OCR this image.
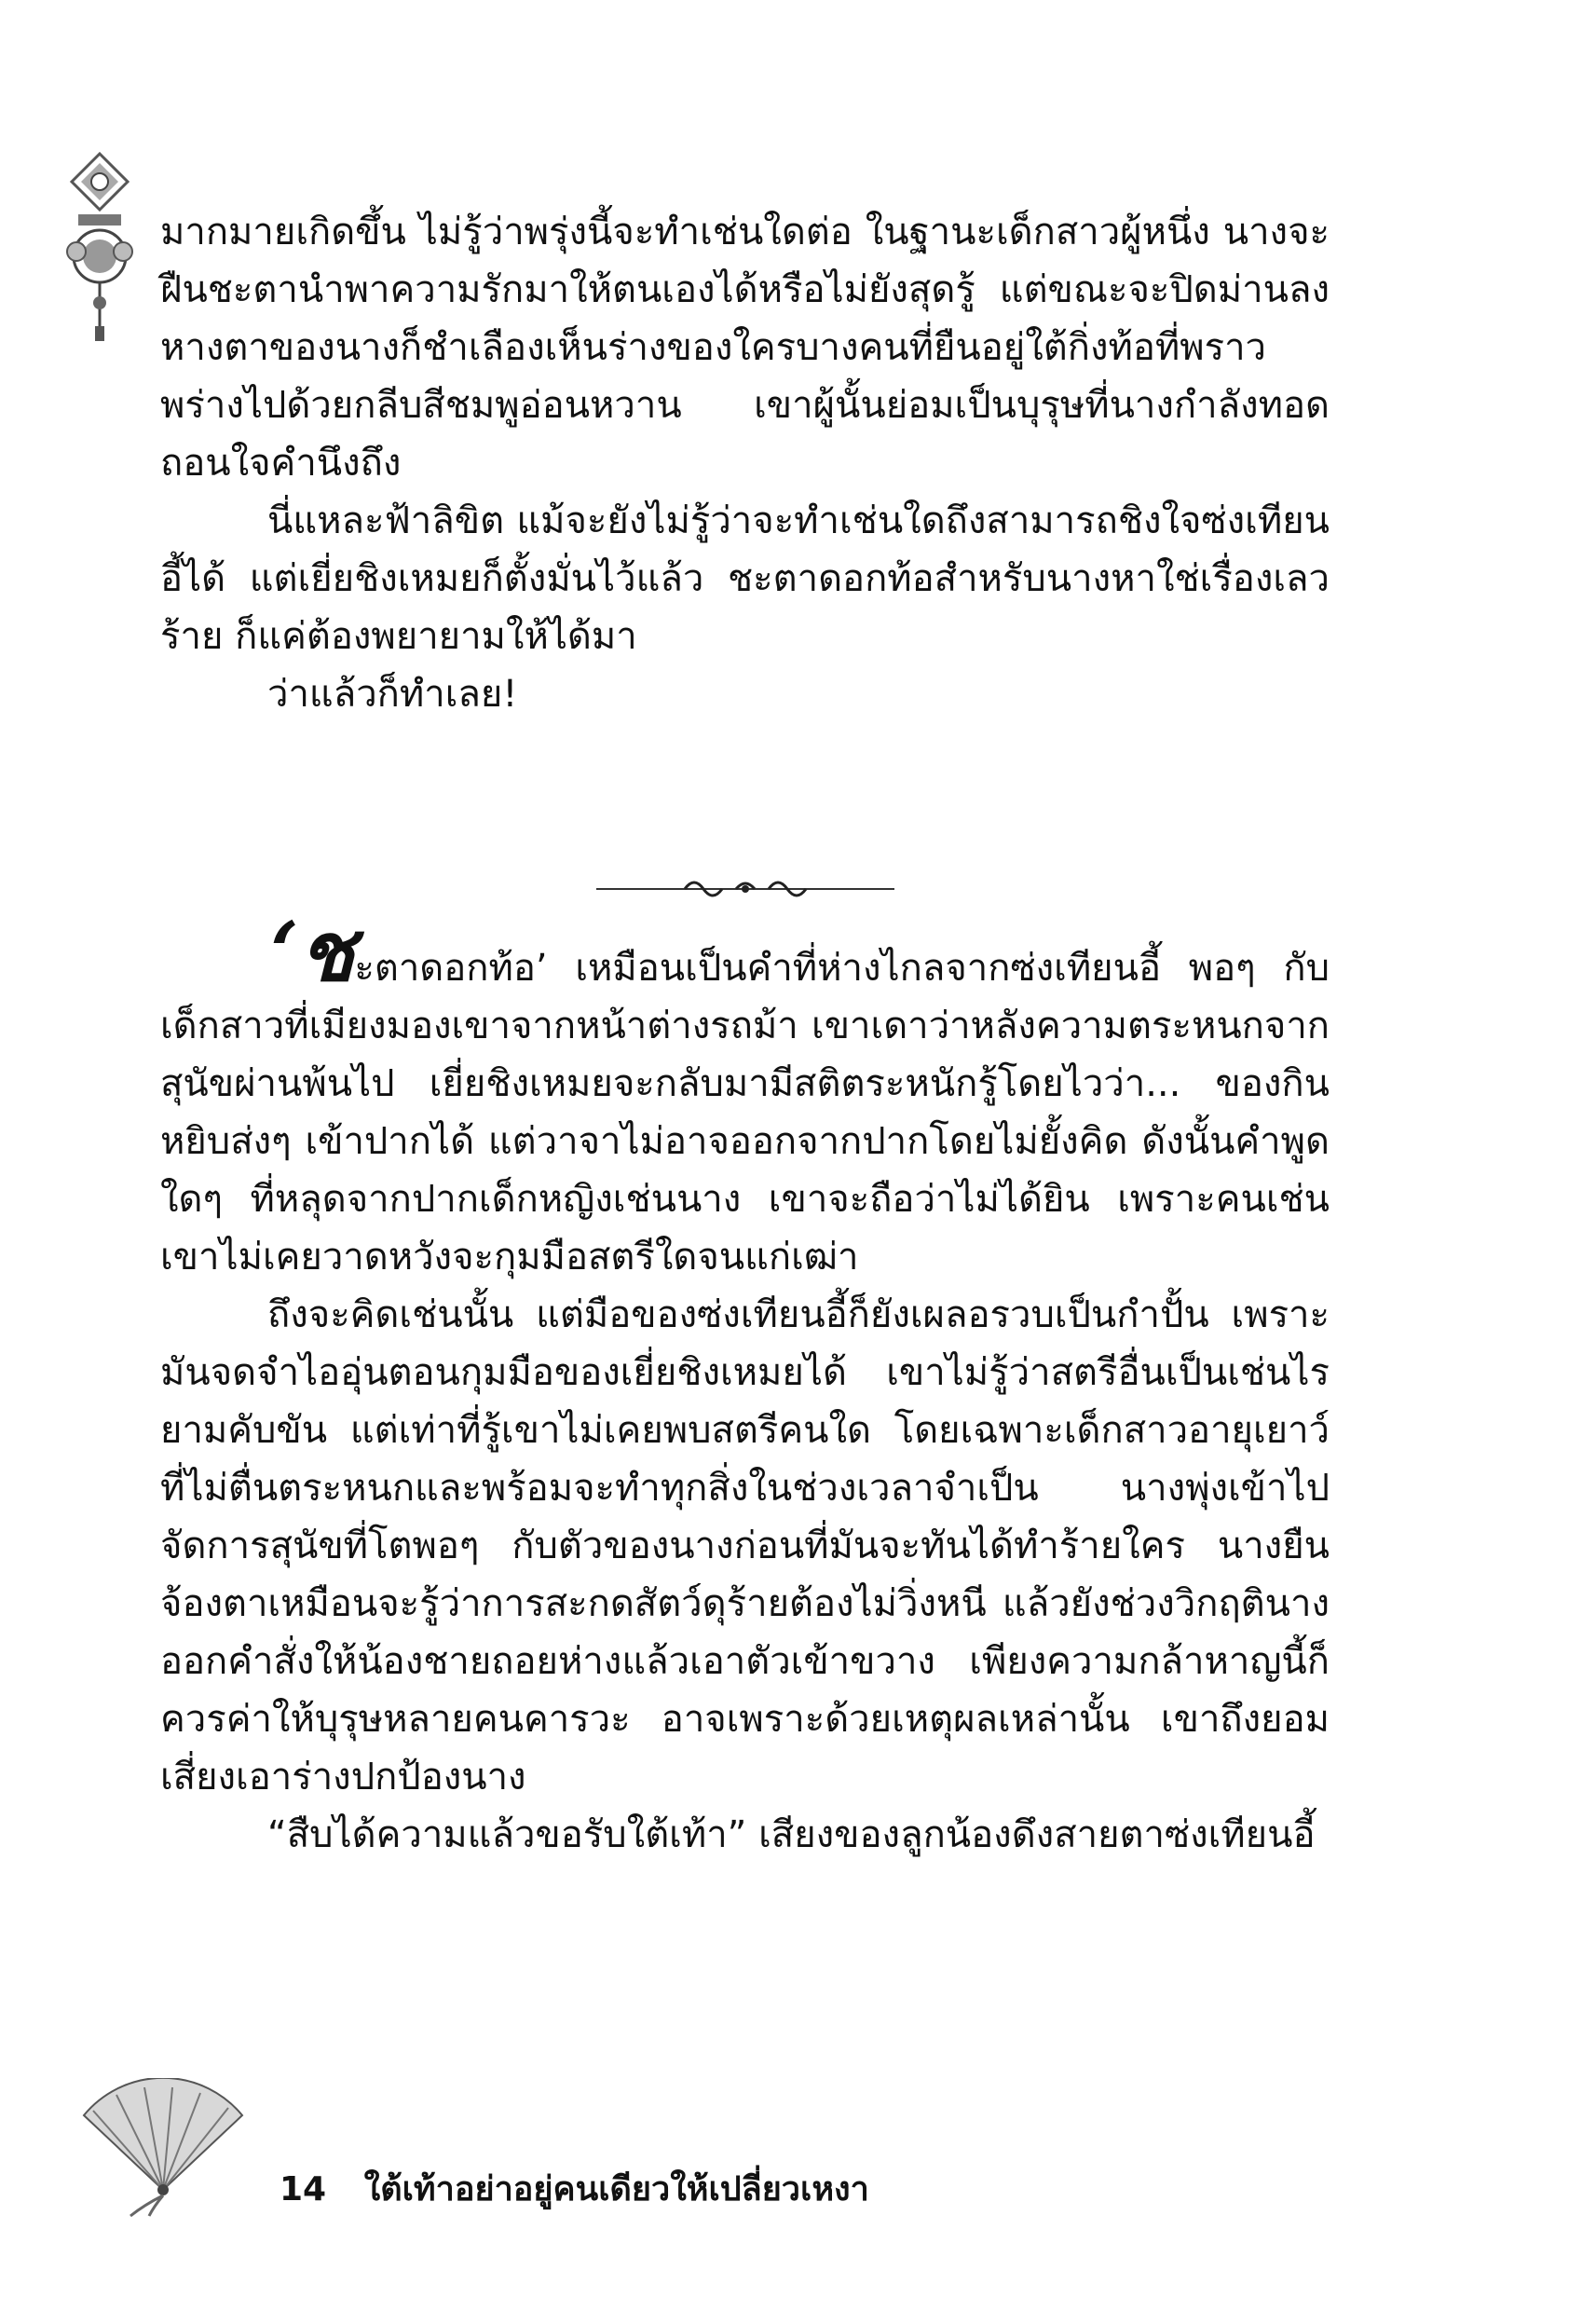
มากมายเกิดขึ้น ไม่รู้ว่าพรุ่งนี้จะทำเช่นใดต่อ ในฐานะเด็กสาวผู้หนึ่ง นางจะฝืนชะตานำพาความรักมาให้ตนเองได้หรือไม่ยังสุดรู้ แต่ขณะจะปิดม่านลง หางตาของนางก็ชำเลืองเห็นร่างของใครบางคนที่ยืนอยู่ใต้กิ่งท้อที่พราวพร่างไปด้วยกลีบสีชมพูอ่อนหวาน เขาผู้นั้นย่อมเป็นบุรุษที่นางกำลังทอดถอนใจคำนึงถึง

นี่แหละฟ้าลิขิต แม้จะยังไม่รู้ว่าจะทำเช่นใดถึงสามารถชิงใจซ่งเทียนอี้ได้ แต่เยี่ยชิงเหมยก็ตั้งมั่นไว้แล้ว ชะตาดอกท้อสำหรับนางหาใช่เรื่องเลวร้าย ก็แค่ต้องพยายามให้ได้มา

ว่าแล้วก็ทำเลย!

‘ชะตาดอกท้อ’ เหมือนเป็นคำที่ห่างไกลจากซ่งเทียนอี้ พอๆ กับเด็กสาวที่เมียงมองเขาจากหน้าต่างรถม้า เขาเดาว่าหลังความตระหนกจากสุนัขผ่านพ้นไป เยี่ยชิงเหมยจะกลับมามีสติตระหนักรู้โดยไวว่า... ของกินหยิบส่งๆ เข้าปากได้ แต่วาจาไม่อาจออกจากปากโดยไม่ยั้งคิด ดังนั้นคำพูดใดๆ ที่หลุดจากปากเด็กหญิงเช่นนาง เขาจะถือว่าไม่ได้ยิน เพราะคนเช่นเขาไม่เคยวาดหวังจะกุมมือสตรีใดจนแก่เฒ่า

ถึงจะคิดเช่นนั้น แต่มือของซ่งเทียนอี้ก็ยังเผลอรวบเป็นกำปั้น เพราะมันจดจำไออุ่นตอนกุมมือของเยี่ยชิงเหมยได้ เขาไม่รู้ว่าสตรีอื่นเป็นเช่นไรยามคับขัน แต่เท่าที่รู้เขาไม่เคยพบสตรีคนใด โดยเฉพาะเด็กสาวอายุเยาว์ที่ไม่ตื่นตระหนกและพร้อมจะทำทุกสิ่งในช่วงเวลาจำเป็น นางพุ่งเข้าไปจัดการสุนัขที่โตพอๆ กับตัวของนางก่อนที่มันจะทันได้ทำร้ายใคร นางยืนจ้องตาเหมือนจะรู้ว่าการสะกดสัตว์ดุร้ายต้องไม่วิ่งหนี แล้วยังช่วงวิกฤตินางออกคำสั่งให้น้องชายถอยห่างแล้วเอาตัวเข้าขวาง เพียงความกล้าหาญนี้ก็ควรค่าให้บุรุษหลายคนคารวะ อาจเพราะด้วยเหตุผลเหล่านั้น เขาถึงยอมเสี่ยงเอาร่างปกป้องนาง

“สืบได้ความแล้วขอรับใต้เท้า” เสียงของลูกน้องดึงสายตาซ่งเทียนอี้

14 ใต้เท้าอย่าอยู่คนเดียวให้เปลี่ยวเหงา
